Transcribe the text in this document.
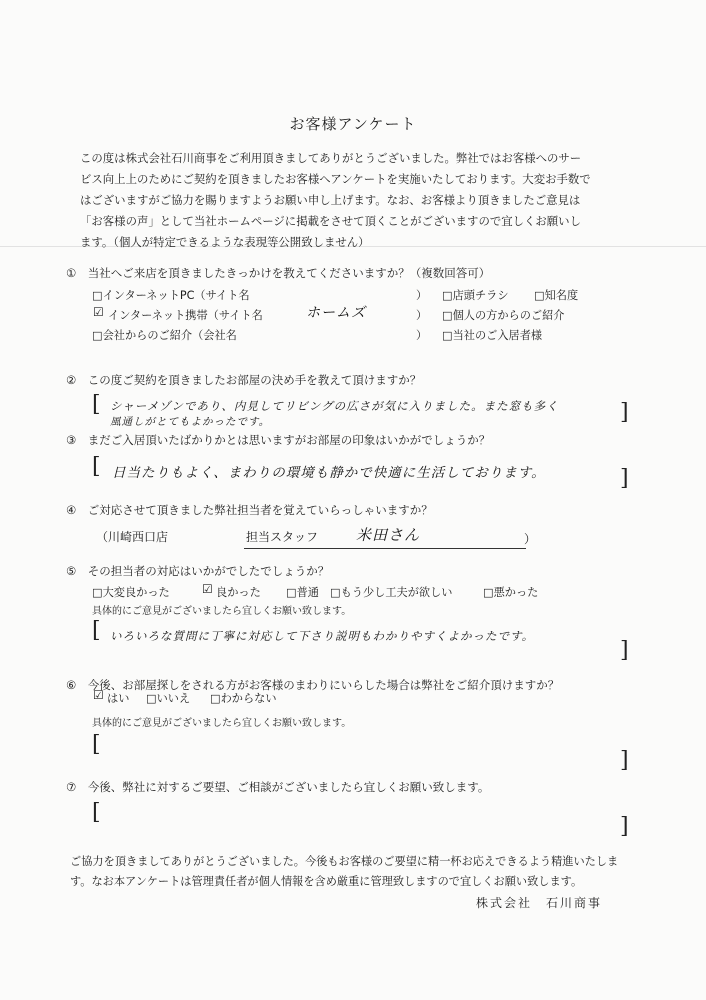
お客様アンケート

この度は株式会社石川商事をご利用頂きましてありがとうございました。弊社ではお客様へのサー

ビス向上上のためにご契約を頂きましたお客様へアンケートを実施いたしております。大変お手数で

はございますがご協力を賜りますようお願い申し上げます。なお、お客様より頂きましたご意見は

「お客様の声」として当社ホームページに掲載をさせて頂くことがございますので宜しくお願いし

ます。（個人が特定できるような表現等公開致しません）

①　当社へご来店を頂きましたきっかけを教えてくださいますか？（複数回答可）
□インターネットPC（サイト名	） □店頭チラシ □知名度
☑ インターネット携帯（サイト名	ホームズ	） □個人の方からのご紹介
□会社からのご紹介（会社名	） □当社のご入居者様
②　この度ご契約を頂きましたお部屋の決め手を教えて頂けますか？
[ シャーメゾンであり、内見してリビングの広さが気に入りました。また窓も多く
風通しがとてもよかったです。	]
③　まだご入居頂いたばかりかとは思いますがお部屋の印象はいかがでしょうか？
[ 日当たりもよく、まわりの環境も静かで快適に生活しております。	]
④　ご対応させて頂きました弊社担当者を覚えていらっしゃいますか？
（川崎西口店	担当スタッフ	米田さん	）
⑤　その担当者の対応はいかがでしたでしょうか？
□大変良かった	☑ 良かった □普通 □もう少し工夫が欲しい	□悪かった
具体的にご意見がございましたら宜しくお願い致します。
[ いろいろな質問に丁寧に対応して下さり説明もわかりやすくよかったです。
]
⑥　今後、お部屋探しをされる方がお客様のまわりにいらした場合は弊社をご紹介頂けますか？
☑ はい □いいえ □わからない
具体的にご意見がございましたら宜しくお願い致します。
[
]
⑦　今後、弊社に対するご要望、ご相談がございましたら宜しくお願い致します。
[
]
ご協力を頂きましてありがとうございました。今後もお客様のご要望に精一杯お応えできるよう精進いたしま
す。なお本アンケートは管理責任者が個人情報を含め厳重に管理致しますので宜しくお願い致します。
株式会社　石川商事
